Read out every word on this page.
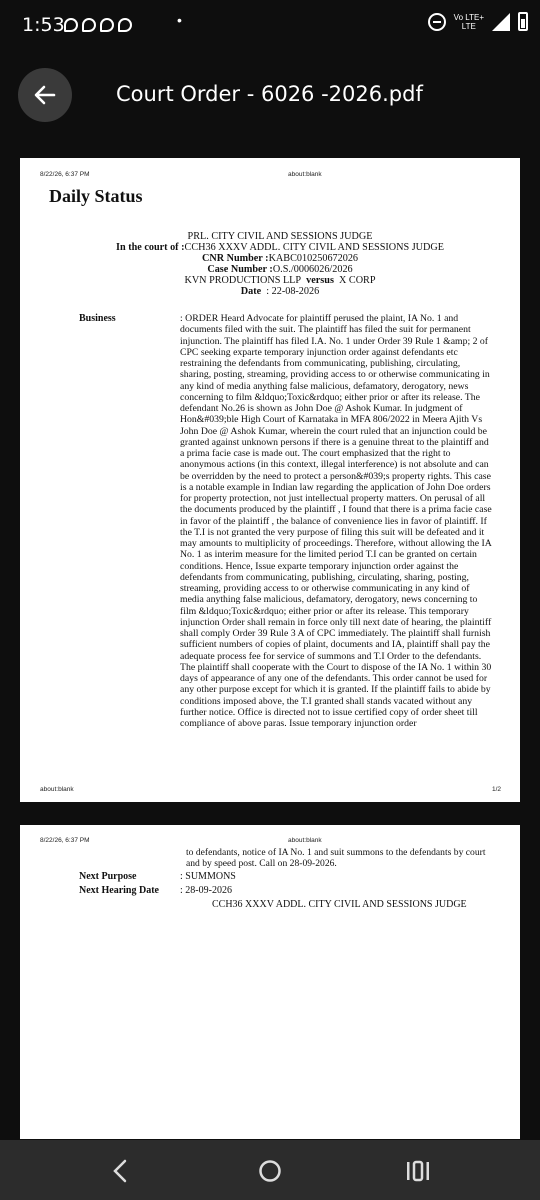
1:53	•	Vo LTE+
LTE
Court Order - 6026 -2026.pdf
8/22/26, 6:37 PM	about:blank
Daily Status
PRL. CITY CIVIL AND SESSIONS JUDGE
In the court of :CCH36 XXXV ADDL. CITY CIVIL AND SESSIONS JUDGE
CNR Number :KABC010250672026
Case Number :O.S./0006026/2026
KVN PRODUCTIONS LLP versus X CORP
Date : 22-08-2026
Business	: ORDER Heard Advocate for plaintiff perused the plaint, IA No. 1 and documents filed with the suit. The plaintiff has filed the suit for permanent injunction. The plaintiff has filed I.A. No. 1 under Order 39 Rule 1 &amp; 2 of CPC seeking exparte temporary injunction order against defendants etc restraining the defendants from communicating, publishing, circulating, sharing, posting, streaming, providing access to or otherwise communicating in any kind of media anything false malicious, defamatory, derogatory, news concerning to film &ldquo;Toxic&rdquo; either prior or after its release. The defendant No.26 is shown as John Doe @ Ashok Kumar. In judgment of Hon&#039;ble High Court of Karnataka in MFA 806/2022 in Meera Ajith Vs John Doe @ Ashok Kumar, wherein the court ruled that an injunction could be granted against unknown persons if there is a genuine threat to the plaintiff and a prima facie case is made out. The court emphasized that the right to anonymous actions (in this context, illegal interference) is not absolute and can be overridden by the need to protect a person&#039;s property rights. This case is a notable example in Indian law regarding the application of John Doe orders for property protection, not just intellectual property matters. On perusal of all the documents produced by the plaintiff , I found that there is a prima facie case in favor of the plaintiff , the balance of convenience lies in favor of plaintiff. If the T.I is not granted the very purpose of filing this suit will be defeated and it may amounts to multiplicity of proceedings. Therefore, without allowing the IA No. 1 as interim measure for the limited period T.I can be granted on certain conditions. Hence, Issue exparte temporary injunction order against the defendants from communicating, publishing, circulating, sharing, posting, streaming, providing access to or otherwise communicating in any kind of media anything false malicious, defamatory, derogatory, news concerning to film &ldquo;Toxic&rdquo; either prior or after its release. This temporary injunction Order shall remain in force only till next date of hearing, the plaintiff shall comply Order 39 Rule 3 A of CPC immediately. The plaintiff shall furnish sufficient numbers of copies of plaint, documents and IA, plaintiff shall pay the adequate process fee for service of summons and T.I Order to the defendants. The plaintiff shall cooperate with the Court to dispose of the IA No. 1 within 30 days of appearance of any one of the defendants. This order cannot be used for any other purpose except for which it is granted. If the plaintiff fails to abide by conditions imposed above, the T.I granted shall stands vacated without any further notice. Office is directed not to issue certified copy of order sheet till compliance of above paras. Issue temporary injunction order
about:blank	1/2
8/22/26, 6:37 PM	about:blank
to defendants, notice of IA No. 1 and suit summons to the defendants by court and by speed post. Call on 28-09-2026.
Next Purpose	: SUMMONS
Next Hearing Date : 28-09-2026
CCH36 XXXV ADDL. CITY CIVIL AND SESSIONS JUDGE
